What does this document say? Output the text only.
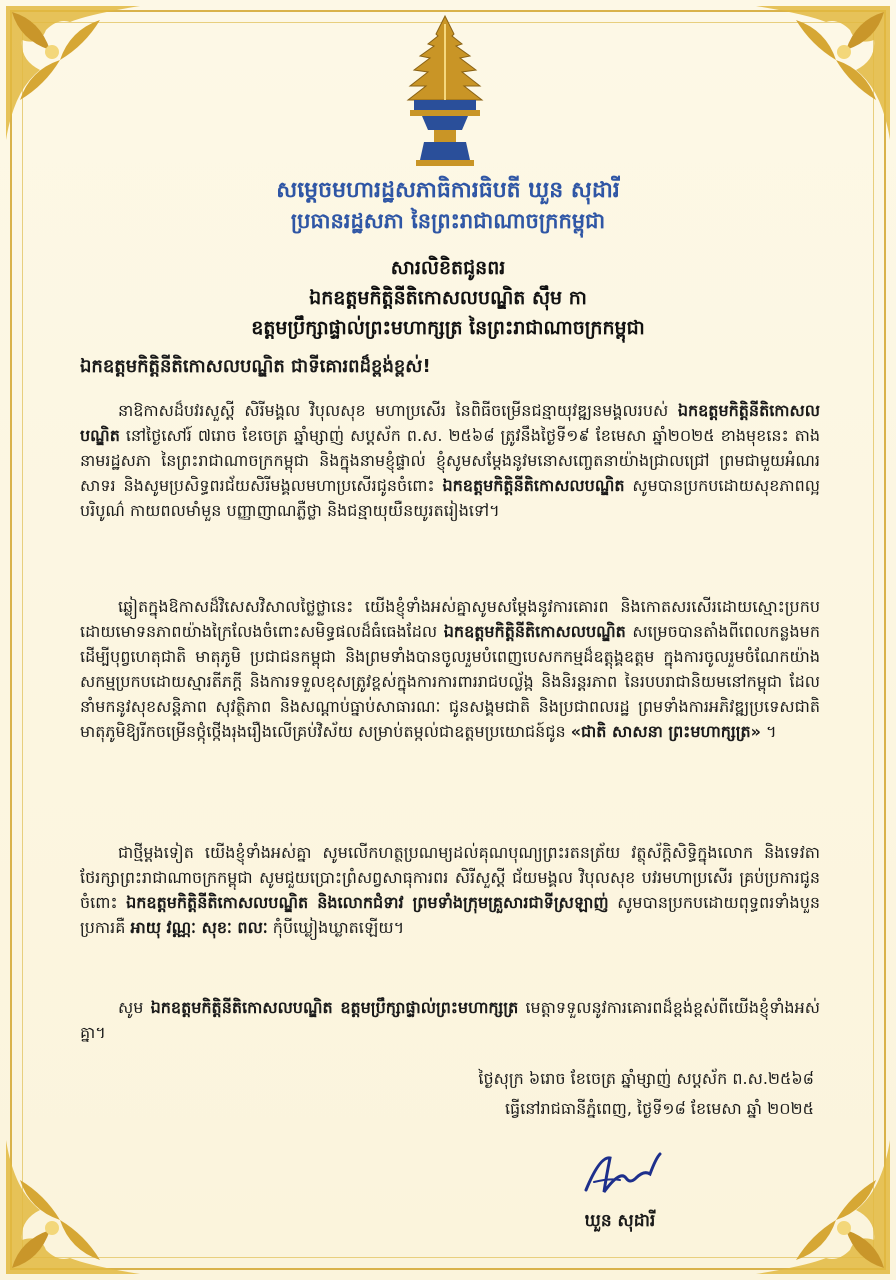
សម្តេចមហារដ្ឋសភាធិការធិបតី ឃួន សុដារី
ប្រធានរដ្ឋសភា នៃព្រះរាជាណាចក្រកម្ពុជា
សារលិខិតជូនពរ
ឯកឧត្តមកិត្តិនីតិកោសលបណ្ឌិត ស៊ឹម កា
ឧត្តមប្រឹក្សាផ្ទាល់ព្រះមហាក្សត្រ នៃព្រះរាជាណាចក្រកម្ពុជា
ឯកឧត្តមកិត្តិនីតិកោសលបណ្ឌិត ជាទីគោរពដ៏ខ្ពង់ខ្ពស់!
នាឱកាសដ៏បវរសួស្តី សិរីមង្គល វិបុលសុខ មហាប្រសើរ នៃពិធីចម្រើនជន្មាយុវឌ្ឍនមង្គលរបស់ ឯកឧត្តមកិត្តិនីតិកោសលបណ្ឌិត នៅថ្ងៃសៅរ៍ ៧រោច ខែចេត្រ ឆ្នាំម្សាញ់ សប្តស័ក ព.ស. ២៥៦៨ ត្រូវនឹងថ្ងៃទី១៩ ខែមេសា ឆ្នាំ២០២៥ ខាងមុខនេះ តាងនាមរដ្ឋសភា នៃព្រះរាជាណាចក្រកម្ពុជា និងក្នុងនាមខ្ញុំផ្ទាល់ ខ្ញុំសូមសម្តែងនូវមនោសញ្ចេតនាយ៉ាងជ្រាលជ្រៅ ព្រមជាមួយអំណរសាទរ និងសូមប្រសិទ្ធពរជ័យសិរីមង្គលមហាប្រសើរជូនចំពោះ ឯកឧត្តមកិត្តិនីតិកោសលបណ្ឌិត សូមបានប្រកបដោយសុខភាពល្អបរិបូណ៌ កាយពលមាំមួន បញ្ញាញាណភ្លឺថ្លា និងជន្មាយុយឺនយូរតរៀងទៅ។
ឆ្លៀតក្នុងឱកាសដ៏វិសេសវិសាលថ្លៃថ្លានេះ យើងខ្ញុំទាំងអស់គ្នាសូមសម្តែងនូវការគោរព និងកោតសរសើរដោយស្មោះប្រកបដោយមោទនភាពយ៉ាងក្រៃលែងចំពោះសមិទ្ធផលដ៏ធំធេងដែល ឯកឧត្តមកិត្តិនីតិកោសលបណ្ឌិត សម្រេចបានតាំងពីពេលកន្លងមក ដើម្បីបុព្វហេតុជាតិ មាតុភូមិ ប្រជាជនកម្ពុជា និងព្រមទាំងបានចូលរួមបំពេញបេសកកម្មដ៏ឧត្តុង្គឧត្តម ក្នុងការចូលរួមចំណែកយ៉ាងសកម្មប្រកបដោយស្មារតីភក្តី និងការទទួលខុសត្រូវខ្ពស់ក្នុងការការពាររាជបល្ល័ង្ក និងនិរន្តរភាព នៃរបបរាជានិយមនៅកម្ពុជា ដែលនាំមកនូវសុខសន្តិភាព សុវត្ថិភាព និងសណ្តាប់ធ្នាប់សាធារណៈ ជូនសង្គមជាតិ និងប្រជាពលរដ្ឋ ព្រមទាំងការអភិវឌ្ឍប្រទេសជាតិមាតុភូមិឱ្យរីកចម្រើនថ្កុំថ្កើងរុងរឿងលើគ្រប់វិស័យ សម្រាប់តម្កល់ជាឧត្តមប្រយោជន៍ជូន «ជាតិ សាសនា ព្រះមហាក្សត្រ» ។
ជាថ្មីម្តងទៀត យើងខ្ញុំទាំងអស់គ្នា សូមលើកហត្ថប្រណម្យដល់គុណបុណ្យព្រះរតនត្រ័យ វត្ថុស័ក្តិសិទ្ធិក្នុងលោក និងទេវតាថែរក្សាព្រះរាជាណាចក្រកម្ពុជា សូមជួយប្រោះព្រំសព្វសាធុការពរ សិរីសួស្តី ជ័យមង្គល វិបុលសុខ បវរមហាប្រសើរ គ្រប់ប្រការជូនចំពោះ ឯកឧត្តមកិត្តិនីតិកោសលបណ្ឌិត និងលោកជំទាវ ព្រមទាំងក្រុមគ្រួសារជាទីស្រឡាញ់ សូមបានប្រកបដោយពុទ្ធពរទាំងបួនប្រការគឺ អាយុ វណ្ណៈ សុខៈ ពលៈ កុំបីឃ្លៀងឃ្លាតឡើយ។
សូម ឯកឧត្តមកិត្តិនីតិកោសលបណ្ឌិត ឧត្តមប្រឹក្សាផ្ទាល់ព្រះមហាក្សត្រ មេត្តាទទួលនូវការគោរពដ៏ខ្ពង់ខ្ពស់ពីយើងខ្ញុំទាំងអស់គ្នា។
ថ្ងៃសុក្រ ៦រោច ខែចេត្រ ឆ្នាំម្សាញ់ សប្តស័ក ព.ស.២៥៦៨
ធ្វើនៅរាជធានីភ្នំពេញ, ថ្ងៃទី១៨ ខែមេសា ឆ្នាំ ២០២៥
ឃួន សុដារី
